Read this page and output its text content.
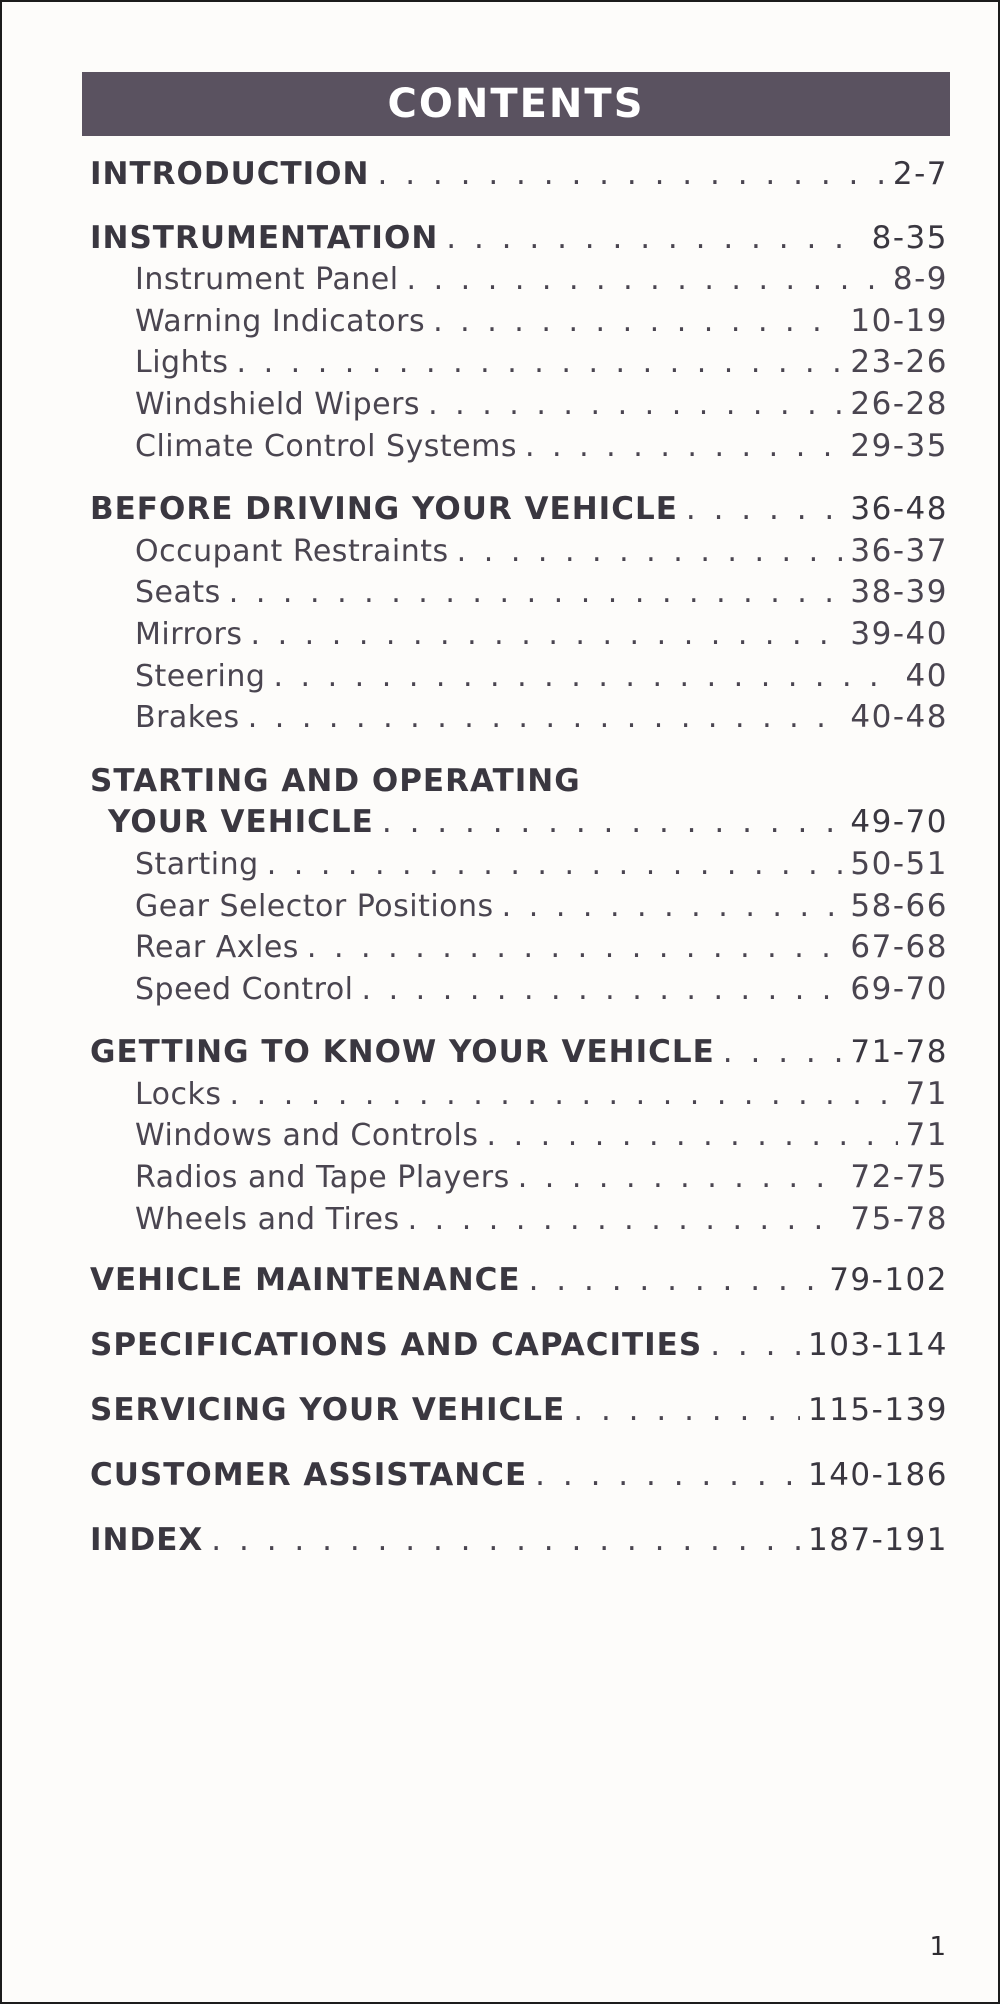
CONTENTS
INTRODUCTION . . .	2-7
INSTRUMENTATION . . .	8-35
Instrument Panel . . .	8-9
Warning Indicators . . .	10-19
Lights . . .	23-26
Windshield Wipers . . .	26-28
Climate Control Systems . . .	29-35
BEFORE DRIVING YOUR VEHICLE . . .	36-48
Occupant Restraints . . .	36-37
Seats . . .	38-39
Mirrors . . .	39-40
Steering . . .	40
Brakes . . .	40-48
STARTING AND OPERATING
YOUR VEHICLE . . .	49-70
Starting . . .	50-51
Gear Selector Positions . . .	58-66
Rear Axles . . .	67-68
Speed Control . . .	69-70
GETTING TO KNOW YOUR VEHICLE . . .	71-78
Locks . . .	71
Windows and Controls . . .	71
Radios and Tape Players . . .	72-75
Wheels and Tires . . .	75-78
VEHICLE MAINTENANCE . . .	79-102
SPECIFICATIONS AND CAPACITIES . . .	103-114
SERVICING YOUR VEHICLE . . .	115-139
CUSTOMER ASSISTANCE . . .	140-186
INDEX . . .	187-191
1
